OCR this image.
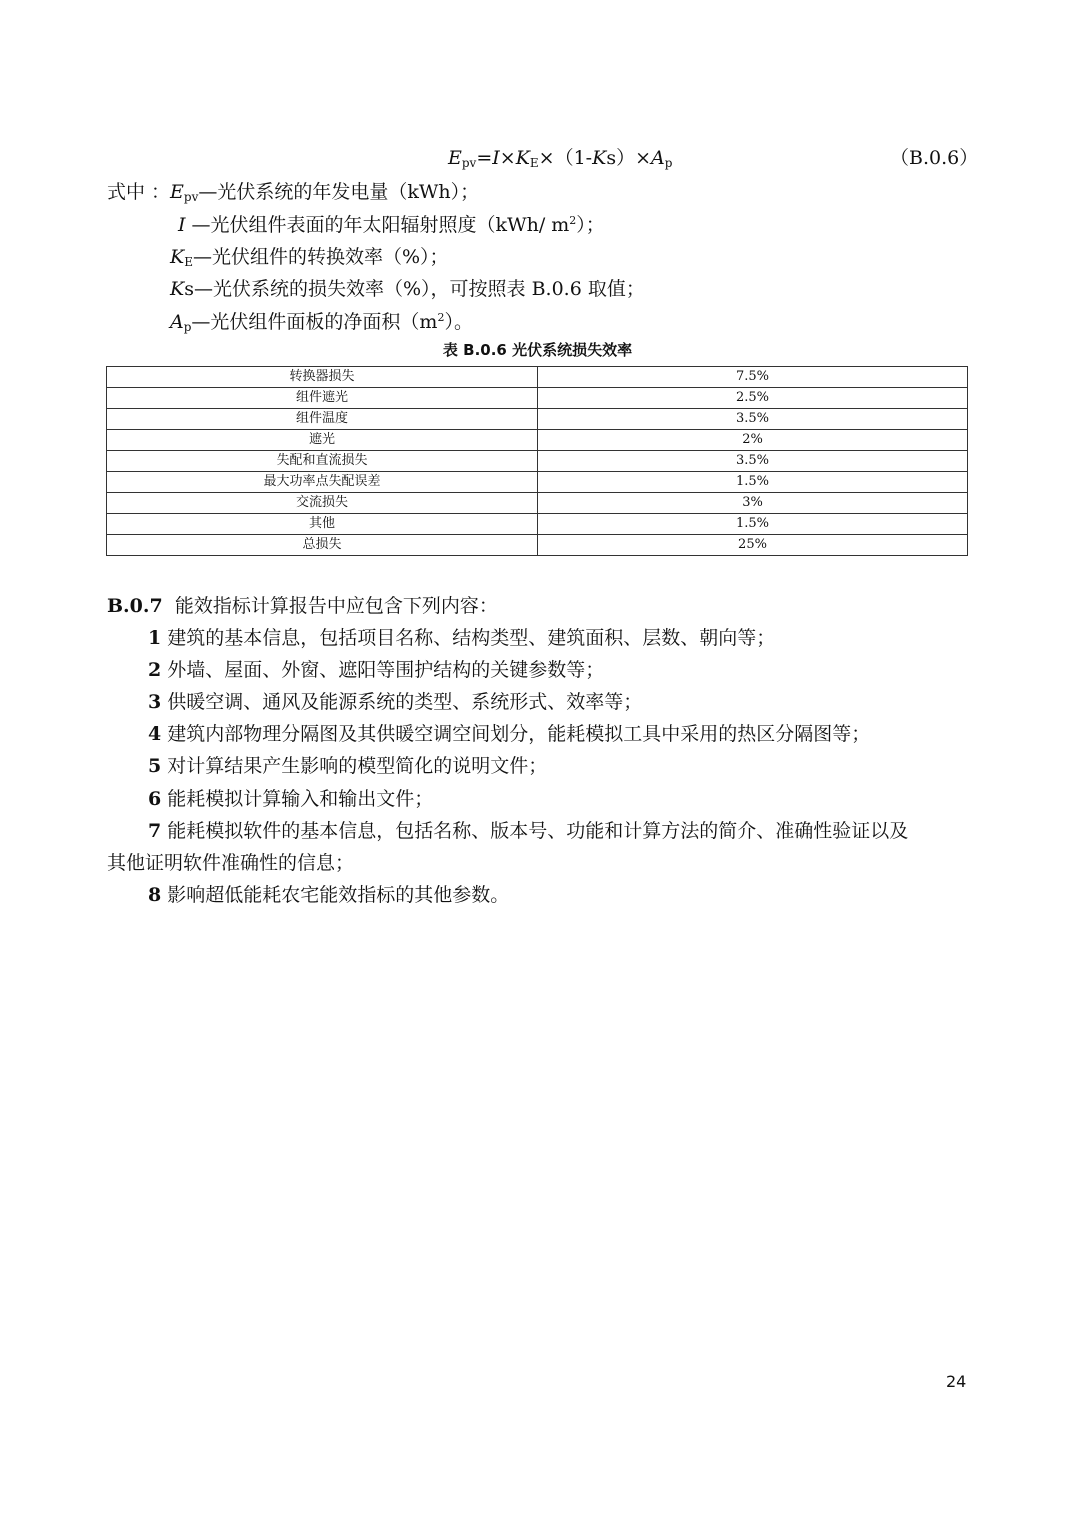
$E_{pv}=I\times K_E\times(1-Ks)\times A_p$	（B.0.6）
式中 ：$E_{pv}—$光伏系统的年发电量（kWh）；
I —光伏组件表面的年太阳辐射照度（kWh/ $m^2$）；
$K_E—$光伏组件的转换效率（%）；
Ks—光伏系统的损失效率（%），可按照表 B.0.6 取值；
$A_p—$光伏组件面板的净面积$(m^2)$。
表 B.0.6 光伏系统损失效率
转换器损失	7.5%
组件遮光	2.5%
组件温度	3.5%
遮光	2%
失配和直流损失	3.5%
最大功率点失配误差	1.5%
交流损失	3%
其他	1.5%
总损失	25%
B.0.7 能效指标计算报告中应包含下列内容：
1 建筑的基本信息，包括项目名称、结构类型、建筑面积、层数、朝向等；
2 外墙、屋面、外窗、遮阳等围护结构的关键参数等；
3 供暖空调、通风及能源系统的类型、系统形式、效率等；
4 建筑内部物理分隔图及其供暖空调空间划分，能耗模拟工具中采用的热区分隔图等；
5 对计算结果产生影响的模型简化的说明文件；
6 能耗模拟计算输入和输出文件；
7 能耗模拟软件的基本信息，包括名称、版本号、功能和计算方法的简介、准确性验证以及
其他证明软件准确性的信息；
8 影响超低能耗农宅能效指标的其他参数。
24
